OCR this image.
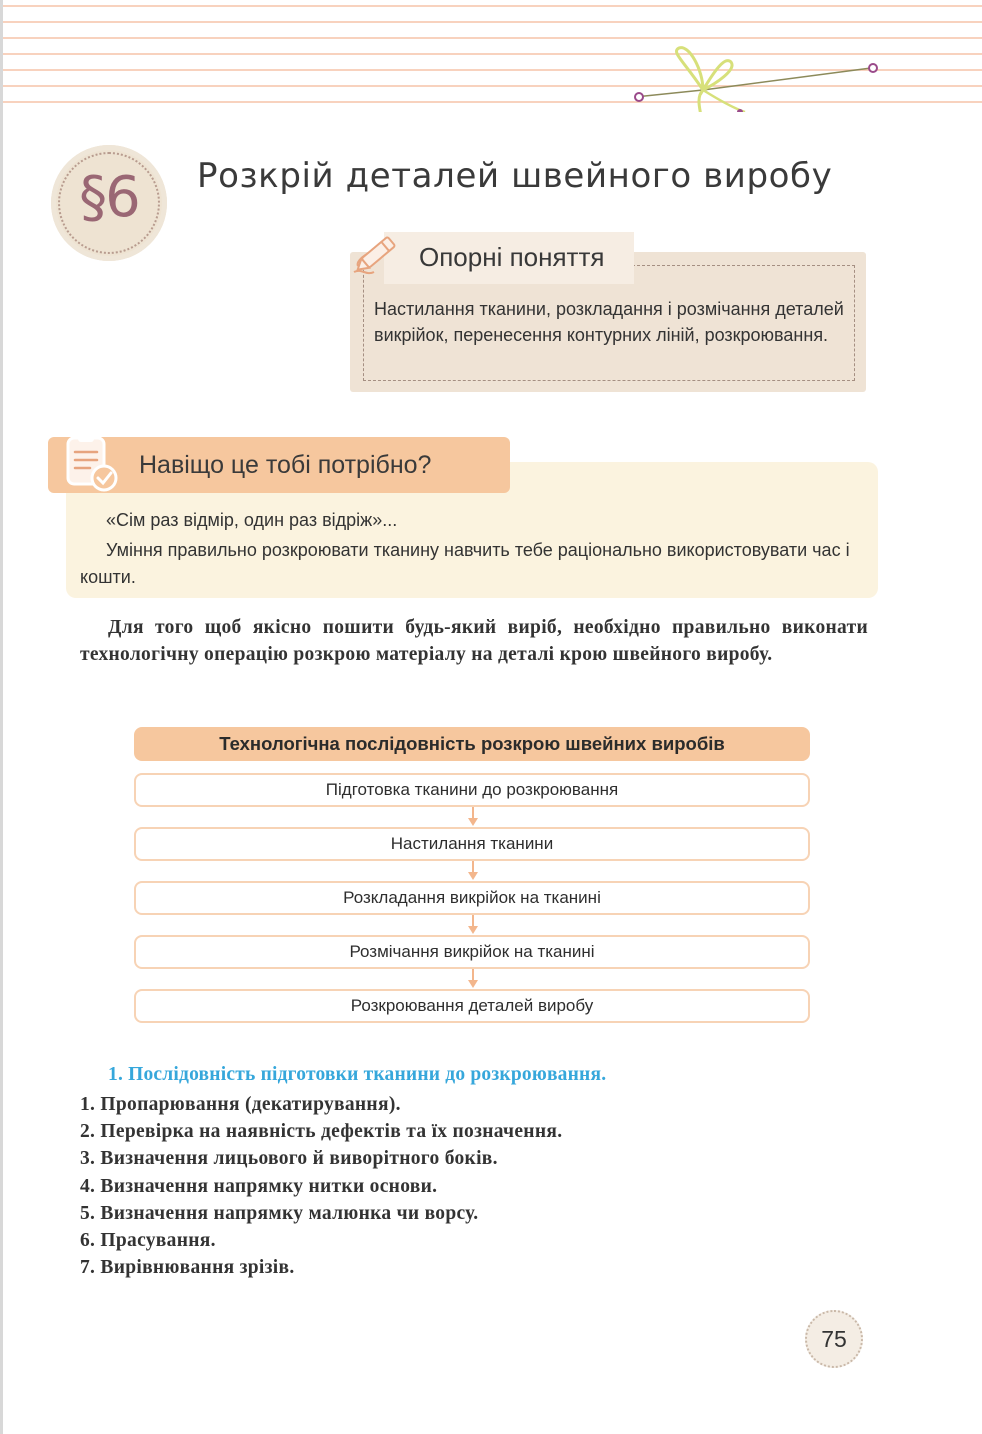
§6	Розкрій деталей швейного виробу
Опорні поняття
Настилання тканини, розкладання і розмічання деталей викрійок, перенесення контурних ліній, розкроювання.
Навіщо це тобі потрібно?
«Сім раз відмір, один раз відріж»...
Уміння правильно розкроювати тканину навчить тебе раціонально використовувати час і кошти.
Для того щоб якісно пошити будь-який виріб, необхідно правильно виконати технологічну операцію розкрою матеріалу на деталі крою швейного виробу.
Технологічна послідовність розкрою швейних виробів
Підготовка тканини до розкроювання
Настилання тканини
Розкладання викрійок на тканині
Розмічання викрійок на тканині
Розкроювання деталей виробу
1. Послідовність підготовки тканини до розкроювання.
1. Пропарювання (декатирування).
2. Перевірка на наявність дефектів та їх позначення.
3. Визначення лицьового й виворітного боків.
4. Визначення напрямку нитки основи.
5. Визначення напрямку малюнка чи ворсу.
6. Прасування.
7. Вирівнювання зрізів.
75
